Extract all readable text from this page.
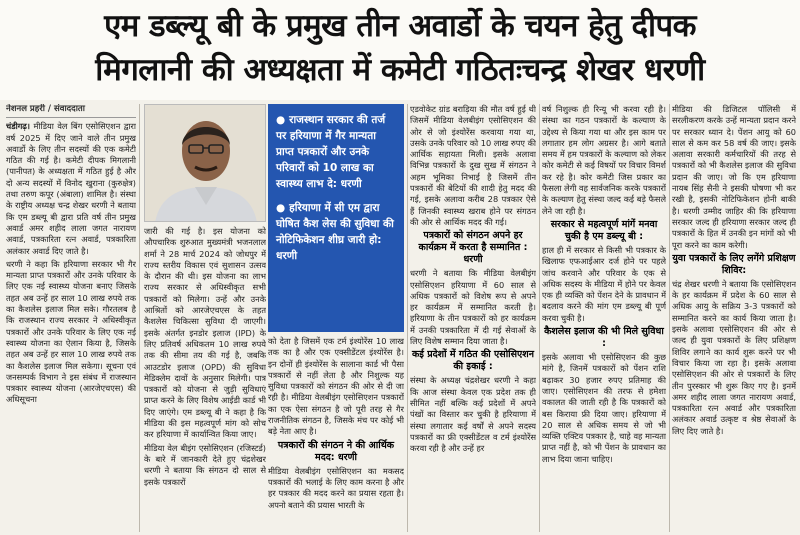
एम डब्ल्यू बी के प्रमुख तीन अवार्डो के चयन हेतु दीपक
मिगलानी की अध्यक्षता में कमेटी गठितःचन्द्र शेखर धरणी
नेशनल प्रहरी / संवाददाता

चंडीगढ़। मीडिया वेल बिंग एसोसिएशन द्वारा वर्ष 2025 में दिए जाने वाले तीन प्रमुख अवार्डो के लिए तीन सदस्यों की एक कमेटी गठित की गई है। कमेटी दीपक मिगलानी (पानीपत) के अध्यक्षता में गठित हुई है और दो अन्य सदस्यों में विनोद खुराना (कुरुक्षेत्र) तथा तरुण कपूर (अंबाला) शामिल है। संस्था के राष्ट्रीय अध्यक्ष चन्द्र शेखर धरणी ने बताया कि एम डब्ल्यू बी द्वारा प्रति वर्ष तीन प्रमुख अवार्ड अमर शहीद लाला जगत नारायण अवार्ड, पत्रकारिता रत्न अवार्ड, पत्रकारिता अलंकार अवार्ड दिए जाते है।

धरणी ने कहा कि हरियाणा सरकार भी गैर मान्यता प्राप्त पत्रकारों और उनके परिवार के लिए एक नई स्वास्थ्य योजना बनाए जिसके तहत अब उन्हें हर साल 10 लाख रुपये तक का कैशलेस इलाज मिल सके। गौरतलब है कि राजस्थान राज्य सरकार ने अधिस्वीकृत पत्रकारों और उनके परिवार के लिए एक नई स्वास्थ्य योजना का ऐलान किया है, जिसके तहत अब उन्हें हर साल 10 लाख रुपये तक का कैशलेस इलाज मिल सकेगा। सूचना एवं जनसम्पर्क विभाग ने इस संबंध में राजस्थान पत्रकार स्वास्थ्य योजना (आरजेएचएस) की अधिसूचना

जारी की गई है। इस योजना को औपचारिक शुरुआत मुख्यमंत्री भजनलाल शर्मा ने 28 मार्च 2024 को जोधपुर में राज्य स्तरीय विकास एवं सुशासन उत्सव के दौरान की थी। इस योजना का लाभ राज्य सरकार से अधिस्वीकृत सभी पत्रकारों को मिलेगा। उन्हें और उनके आश्रितों को आरजेएचएस के तहत कैशलेस चिकित्सा सुविधा दी जाएगी। इसके अंतर्गत इनडोर इलाज (IPD) के लिए प्रतिवर्ष अधिकतम 10 लाख रुपये तक की सीमा तय की गई है, जबकि आउटडोर इलाज (OPD) की सुविधा मेडिक्लेम दावों के अनुसार मिलेगी। पात्र पत्रकारों को योजना से जुड़ी सुविधाएं प्राप्त करने के लिए विशेष आईडी कार्ड भी दिए जाएंगे। एम डब्ल्यू बी ने कहा है कि मीडिया की इस महत्वपूर्ण मांग को सोच कर हरियाणा में कार्यान्वित किया जाए।

मीडिया वेल बीइंग एसोसिएशन (रजिस्टर्ड) के बारे में जानकारी देते हुए चंद्रशेखर धरणी ने बताया कि संगठन दो साल से इसके पत्रकारों

● राजस्थान सरकार की तर्ज पर हरियाणा में गैर मान्यता प्राप्त पत्रकारों और उनके परिवारों को 10 लाख का स्वास्थ्य लाभ दे: धरणी
● हरियाणा में सी एम द्वारा घोषित कैश लेस की सुविधा की नोटिफिकेशन शीघ्र जारी हो: धरणी

को देता है जिसमें एक टर्म इंश्योरेंस 10 लाख तक का है और एक एक्सीडेंटल इंश्योरेंस है। इन दोनों ही इंश्योरेंस के सालाना कार्ड भी पैसा पत्रकारों से नहीं लेता है और निशुल्क यह सुविधा पत्रकारों को संगठन की ओर से दी जा रही है। मीडिया वेलबीइंग एसोसिएशन पत्रकारों का एक ऐसा संगठन है जो पूरी तरह से गैर राजनीतिक संगठन है, जिसके मंच पर कोई भी बड़े नेता आए है।

पत्रकारों की संगठन ने की आर्थिक मदद: धरणी

मीडिया वेलबीइंग एसोसिएशन का मकसद पत्रकारों की भलाई के लिए काम करना है और हर पत्रकार की मदद करने का प्रयास रहता है। अपनो बताने की प्रयास भारती के

एडवोकेट ग्रांड बराड़िया की मौत वर्ष हुई थी जिसमें मीडिया वेलबीइंग एसोसिएशन की ओर से जो इंश्योरेंस करवाया गया था, उसके उनके परिवार को 10 लाख रुपए की आर्थिक सहायता मिली। इसके अलावा विभिन्न पत्रकारों के दुख सुख में संगठन ने अहम भूमिका निभाई है जिसमें तीन पत्रकारों की बेटियों की शादी हेतु मदद की गई, इसके अलावा करीब 28 पत्रकार ऐसे हैं जिनकी स्वास्थ्य खराब होने पर संगठन की ओर से आर्थिक मदद की गई।

पत्रकारों को संगठन अपने हर कार्यक्रम में करता है सम्मानित : धरणी

धरणी ने बताया कि मीडिया वेलबीइंग एसोसिएशन हरियाणा में 60 साल से अधिक पत्रकारों को विशेष रूप से अपने हर कार्यक्रम में सम्मानित करती है। हरियाणा के तीन पत्रकारों को हर कार्यक्रम में उनकी पत्रकारिता में दी गई सेवाओं के लिए विशेष सम्मान दिया जाता है।

कई प्रदेशों में गठित की एसोसिएशन की इकाई :

संस्था के अध्यक्ष चंद्रशेखर धरणी ने कहा कि आज संस्था केवल एक प्रदेश तक ही सीमित नहीं बल्कि कई प्रदेशों में अपने पंखों का विस्तार कर चुकी है हरियाणा में संस्था लगातार कई वर्षों से अपने सदस्य पत्रकारों का फ्री एक्सीडेंटल व टर्म इंश्योरेंस करवा रही है और उन्हें हर

वर्ष निशुल्क ही रिन्यू भी करवा रही है। संस्था का गठन पत्रकारों के कल्याण के उद्देश्य से किया गया था और इस काम पर लगातार हम लोग अग्रसर है। आगे बताते समय में हम पत्रकारों के कल्याण को लेकर कोर कमेटी से कई विषयों पर विचार विमर्श कर रहे है। कोर कमेटी जिस प्रकार का फैसला लेगी वह सार्वजनिक करके पत्रकारों के कल्याण हेतु संस्था जल्द कई बड़े फैसले लेने जा रही है।

सरकार से महत्वपूर्ण मांगें मनवा चुकी है एम डब्ल्यू बी :

हाल ही में सरकार से किसी भी पत्रकार के खिलाफ एफआईआर दर्ज होने पर पहले जांच करवाने और परिवार के एक से अधिक सदस्य के मीडिया में होने पर केवल एक ही व्यक्ति को पेंशन देने के प्रावधान में बदलाव करने की मांग एम डब्ल्यू बी पूर्ण करवा चुकी है।

कैशलेस इलाज की भी मिले सुविधा :

इसके अलावा भी एसोसिएशन की कुछ मांगे है, जिनमें पत्रकारों को पेंशन राशि बढ़ाकर 30 हजार रुपए प्रतिमाह की जाए। एसोसिएशन की तरफ से हमेशा वकालत की जाती रही है कि पत्रकारों को बस किराया फ्री दिया जाए। हरियाणा में 20 साल से अधिक समय से जो भी व्यक्ति एक्टिव पत्रकार है, चाहे वह मान्यता प्राप्त नहीं है, को भी पेंशन के प्रावधान का लाभ दिया जाना चाहिए।

मीडिया की डिजिटल पॉलिसी में सरलीकरण करके उन्हें मान्यता प्रदान करने पर सरकार ध्यान दे। पेंशन आयु को 60 साल से कम कर 58 वर्ष की जाए। इसके अलावा सरकारी कर्मचारियों की तरह से पत्रकारों को भी कैशलेस इलाज की सुविधा प्रदान की जाए। जो कि एम हरियाणा नायब सिंह सैनी ने इसकी घोषणा भी कर रखी है, इसकी नोटिफिकेशन होनी बाकी है। धरणी उम्मीद जाहिर की कि हरियाणा सरकार जल्द ही हरियाणा सरकार जल्द ही पत्रकारों के हित में उनकी इन मांगों को भी पूरा करने का काम करेगी।

युवा पत्रकारों के लिए लगेंगे प्रशिक्षण शिविर:

चंद्र शेखर धरणी ने बताया कि एसोसिएशन के हर कार्यक्रम में प्रदेश के 60 साल से अधिक आयु के सक्रिय 3-3 पत्रकारों को सम्मानित करने का कार्य किया जाता है। इसके अलावा एसोसिएशन की ओर से जल्द ही युवा पत्रकारों के लिए प्रशिक्षण शिविर लगाने का कार्य शुरू करने पर भी विचार किया जा रहा है। इसके अलावा एसोसिएशन की ओर से पत्रकारों के लिए तीन पुरस्कार भी शुरू किए गए है। इनमें अमर शहीद लाला जगत नारायण अवार्ड, पत्रकारिता रत्न अवार्ड और पत्रकारिता अलंकार अवार्ड उत्कृष्ट व श्रेष्ठ सेवाओं के लिए दिए जाते है।
